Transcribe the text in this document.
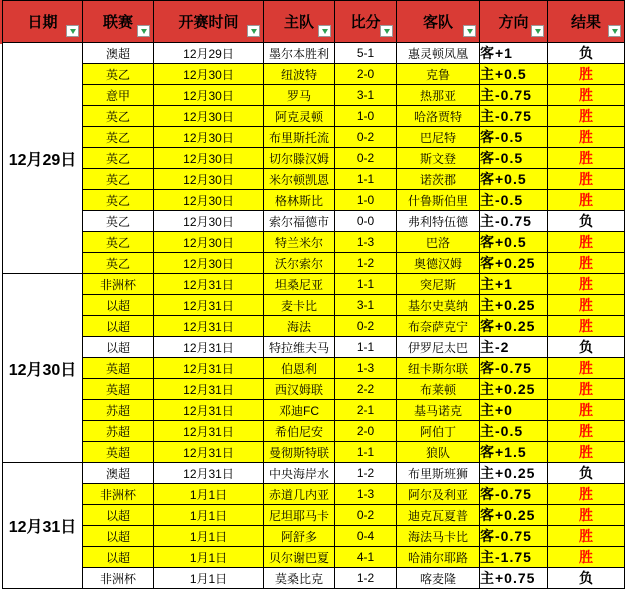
日期	联赛	开赛时间	主队	比分	客队	方向	结果

12月29日	澳超	12月29日	墨尔本胜利	5-1	惠灵顿凤凰	客+1	负
	英乙	12月30日	纽波特	2-0	克鲁	主+0.5	胜
	意甲	12月30日	罗马	3-1	热那亚	主-0.75	胜
	英乙	12月30日	阿克灵顿	1-0	哈洛贾特	主-0.75	胜
	英乙	12月30日	布里斯托流	0-2	巴尼特	客-0.5	胜
	英乙	12月30日	切尔滕汉姆	0-2	斯文登	客-0.5	胜
	英乙	12月30日	米尔顿凯恩	1-1	诺茨郡	客+0.5	胜
	英乙	12月30日	格林斯比	1-0	什鲁斯伯里	主-0.5	胜
	英乙	12月30日	索尔福德市	0-0	弗利特伍德	主-0.75	负
	英乙	12月30日	特兰米尔	1-3	巴洛	客+0.5	胜
	英乙	12月30日	沃尔索尔	1-2	奥德汉姆	客+0.25	胜
12月30日	非洲杯	12月31日	坦桑尼亚	1-1	突尼斯	主+1	胜
	以超	12月31日	麦卡比	3-1	基尔史莫纳	主+0.25	胜
	以超	12月31日	海法	0-2	布奈萨克宁	客+0.25	胜
	以超	12月31日	特拉维夫马	1-1	伊罗尼太巴	主-2	负
	英超	12月31日	伯恩利	1-3	纽卡斯尔联	客-0.75	胜
	英超	12月31日	西汉姆联	2-2	布莱顿	主+0.25	胜
	苏超	12月31日	邓迪FC	2-1	基马诺克	主+0	胜
	苏超	12月31日	希伯尼安	2-0	阿伯丁	主-0.5	胜
	英超	12月31日	曼彻斯特联	1-1	狼队	客+1.5	胜
12月31日	澳超	12月31日	中央海岸水	1-2	布里斯班狮	主+0.25	负
	非洲杯	1月1日	赤道几内亚	1-3	阿尔及利亚	客-0.75	胜
	以超	1月1日	尼坦耶马卡	0-2	迪克瓦夏普	客+0.25	胜
	以超	1月1日	阿舒多	0-4	海法马卡比	客-0.75	胜
	以超	1月1日	贝尔谢巴夏	4-1	哈浦尔耶路	主-1.75	胜
	非洲杯	1月1日	莫桑比克	1-2	喀麦隆	主+0.75	负
